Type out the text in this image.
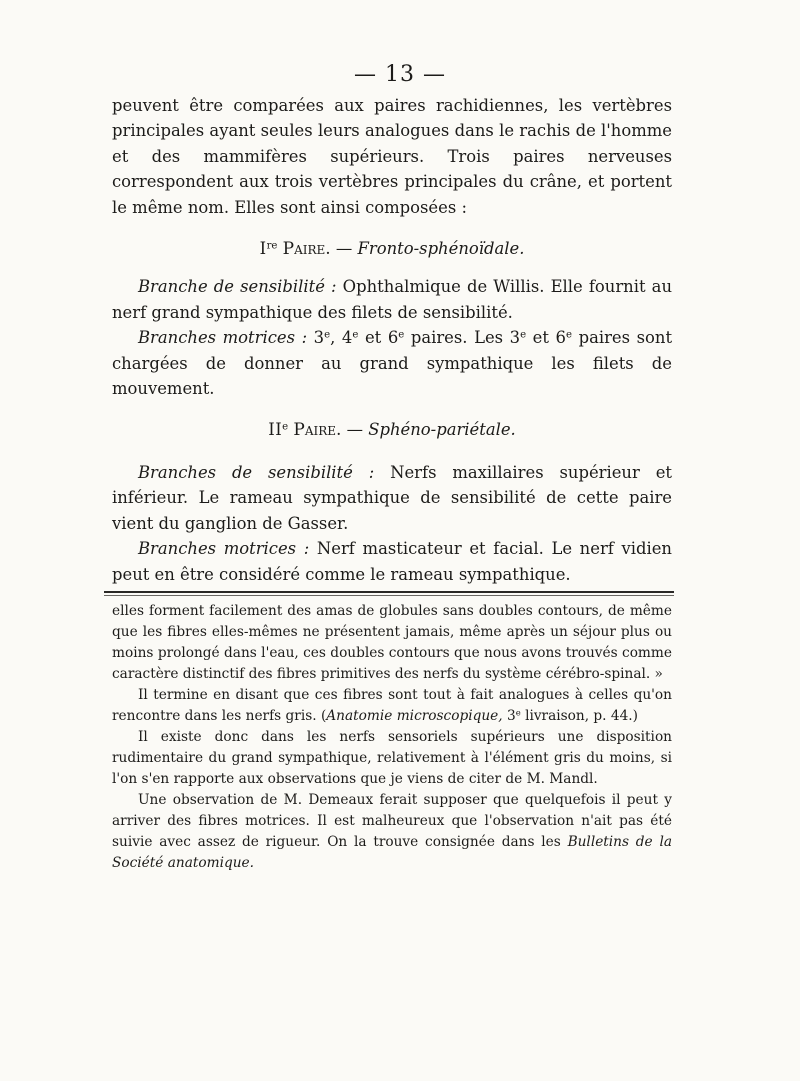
— 13 —

peuvent être comparées aux paires rachidiennes, les vertèbres principales ayant seules leurs analogues dans le rachis de l'homme et des mammifères supérieurs. Trois paires nerveuses correspondent aux trois vertèbres principales du crâne, et portent le même nom. Elles sont ainsi composées :

Ire Paire. — Fronto-sphénoïdale.

Branche de sensibilité : Ophthalmique de Willis. Elle fournit au nerf grand sympathique des filets de sensibilité.

Branches motrices : 3e, 4e et 6e paires. Les 3e et 6e paires sont chargées de donner au grand sympathique les filets de mouvement.

IIe Paire. — Sphéno-pariétale.

Branches de sensibilité : Nerfs maxillaires supérieur et inférieur. Le rameau sympathique de sensibilité de cette paire vient du ganglion de Gasser.

Branches motrices : Nerf masticateur et facial. Le nerf vidien peut en être considéré comme le rameau sympathique.

elles forment facilement des amas de globules sans doubles contours, de même que les fibres elles-mêmes ne présentent jamais, même après un séjour plus ou moins prolongé dans l'eau, ces doubles contours que nous avons trouvés comme caractère distinctif des fibres primitives des nerfs du système cérébro-spinal. »

Il termine en disant que ces fibres sont tout à fait analogues à celles qu'on rencontre dans les nerfs gris. (Anatomie microscopique, 3e livraison, p. 44.)

Il existe donc dans les nerfs sensoriels supérieurs une disposition rudimentaire du grand sympathique, relativement à l'élément gris du moins, si l'on s'en rapporte aux observations que je viens de citer de M. Mandl.

Une observation de M. Demeaux ferait supposer que quelquefois il peut y arriver des fibres motrices. Il est malheureux que l'observation n'ait pas été suivie avec assez de rigueur. On la trouve consignée dans les Bulletins de la Société anatomique.
